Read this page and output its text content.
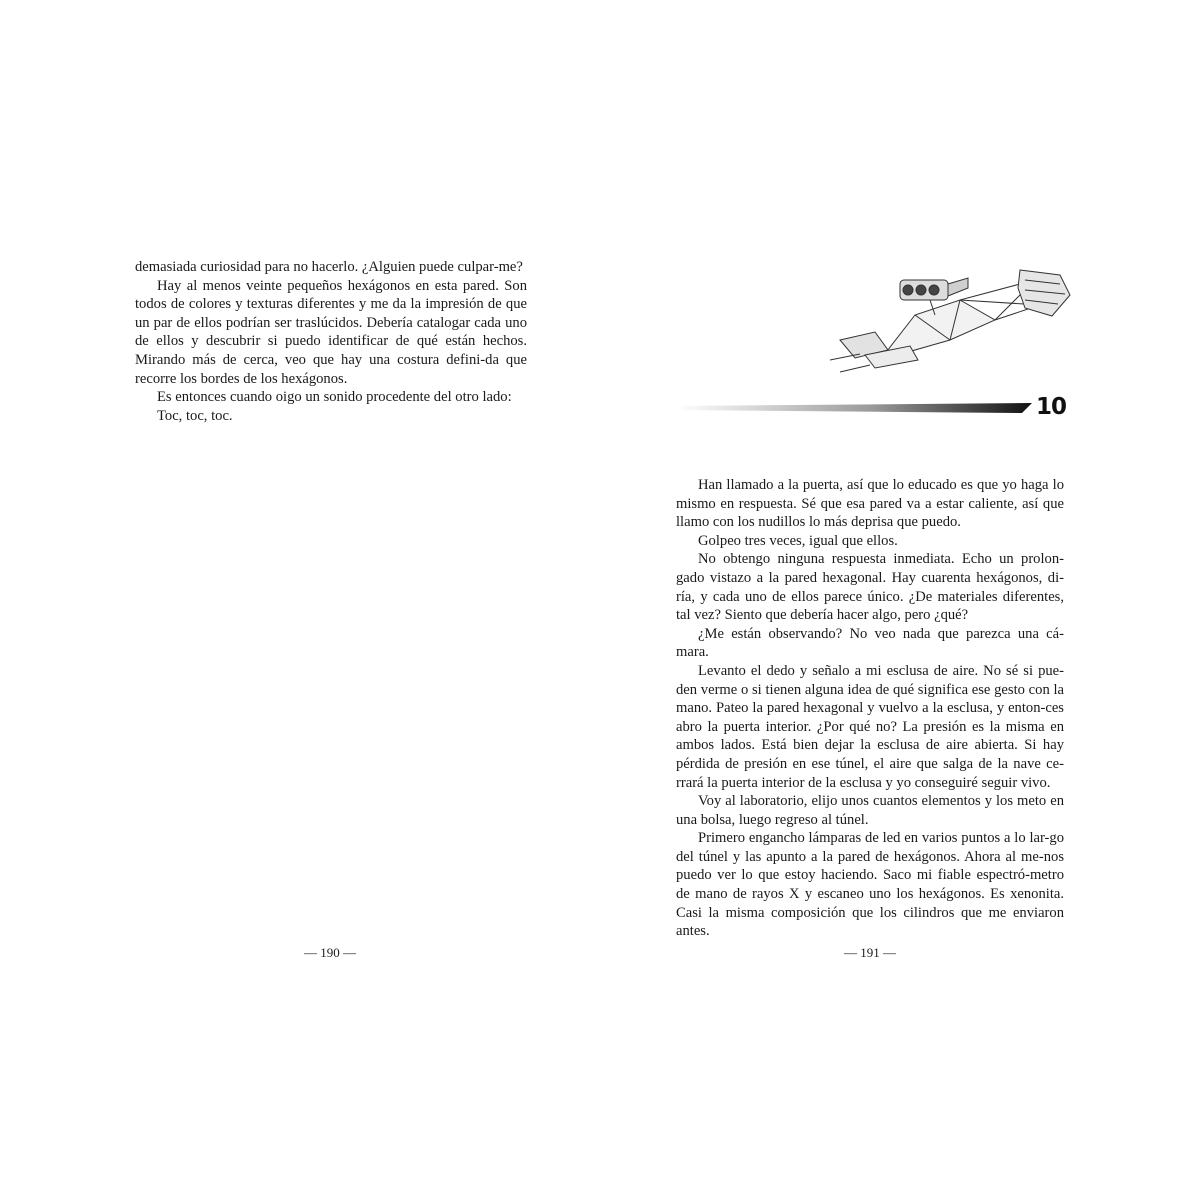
demasiada curiosidad para no hacerlo. ¿Alguien puede culpar-me?

Hay al menos veinte pequeños hexágonos en esta pared. Son todos de colores y texturas diferentes y me da la impresión de que un par de ellos podrían ser traslúcidos. Debería catalogar cada uno de ellos y descubrir si puedo identificar de qué están hechos. Mirando más de cerca, veo que hay una costura defini-da que recorre los bordes de los hexágonos.

Es entonces cuando oigo un sonido procedente del otro lado:

Toc, toc, toc.

— 190 —
10

Han llamado a la puerta, así que lo educado es que yo haga lo mismo en respuesta. Sé que esa pared va a estar caliente, así que llamo con los nudillos lo más deprisa que puedo.

Golpeo tres veces, igual que ellos.

No obtengo ninguna respuesta inmediata. Echo un prolon-gado vistazo a la pared hexagonal. Hay cuarenta hexágonos, di-ría, y cada uno de ellos parece único. ¿De materiales diferentes, tal vez? Siento que debería hacer algo, pero ¿qué?

¿Me están observando? No veo nada que parezca una cá-mara.

Levanto el dedo y señalo a mi esclusa de aire. No sé si pue-den verme o si tienen alguna idea de qué significa ese gesto con la mano. Pateo la pared hexagonal y vuelvo a la esclusa, y enton-ces abro la puerta interior. ¿Por qué no? La presión es la misma en ambos lados. Está bien dejar la esclusa de aire abierta. Si hay pérdida de presión en ese túnel, el aire que salga de la nave ce-rrará la puerta interior de la esclusa y yo conseguiré seguir vivo.

Voy al laboratorio, elijo unos cuantos elementos y los meto en una bolsa, luego regreso al túnel.

Primero engancho lámparas de led en varios puntos a lo lar-go del túnel y las apunto a la pared de hexágonos. Ahora al me-nos puedo ver lo que estoy haciendo. Saco mi fiable espectró-metro de mano de rayos X y escaneo uno los hexágonos. Es xenonita. Casi la misma composición que los cilindros que me enviaron antes.

— 191 —
